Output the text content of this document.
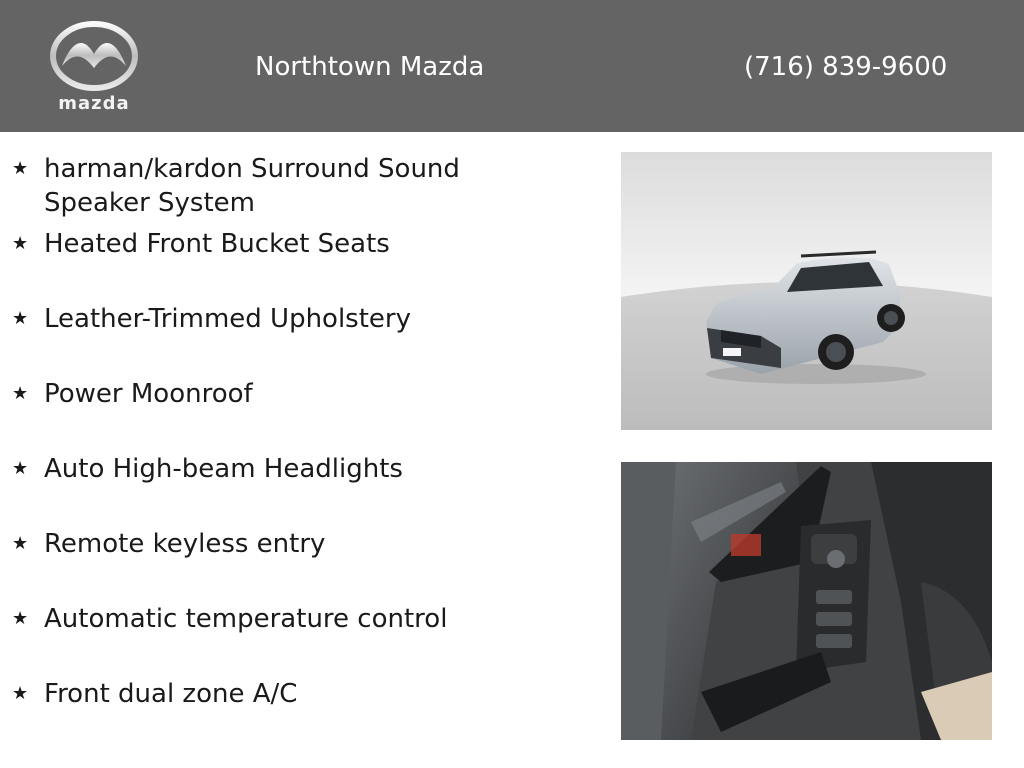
mazda
Northtown Mazda	(716) 839-9600
★ harman/kardon Surround Sound
Speaker System
★ Heated Front Bucket Seats
★ Leather-Trimmed Upholstery
★ Power Moonroof
★ Auto High-beam Headlights
★ Remote keyless entry
★ Automatic temperature control
★ Front dual zone A/C
